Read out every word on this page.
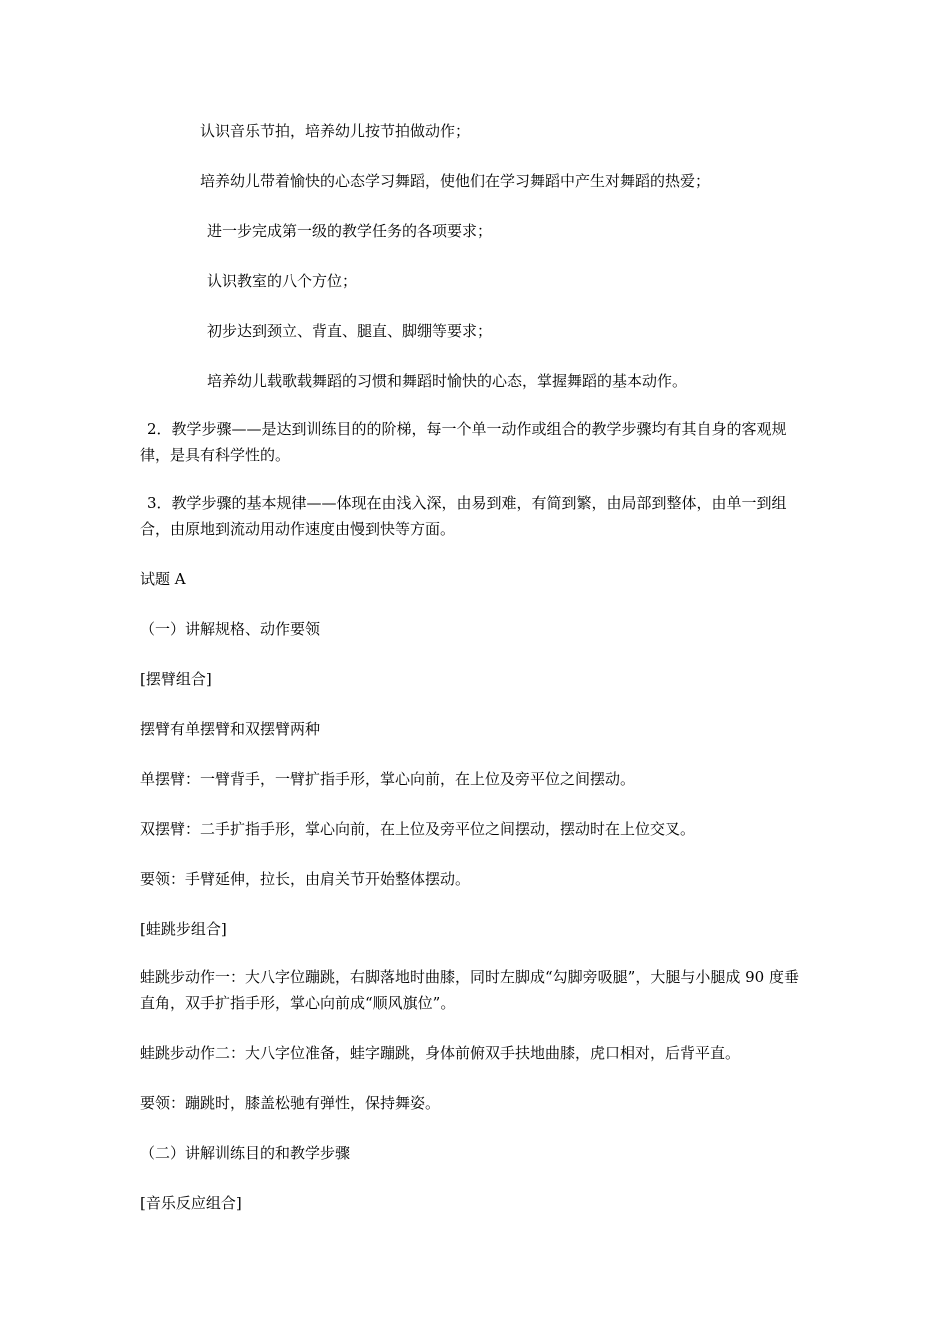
认识音乐节拍，培养幼儿按节拍做动作；

培养幼儿带着愉快的心态学习舞蹈，使他们在学习舞蹈中产生对舞蹈的热爱；

进一步完成第一级的教学任务的各项要求；

认识教室的八个方位；

初步达到颈立、背直、腿直、脚绷等要求；

培养幼儿载歌载舞蹈的习惯和舞蹈时愉快的心态，掌握舞蹈的基本动作。

2．教学步骤——是达到训练目的的阶梯，每一个单一动作或组合的教学步骤均有其自身的客观规律，是具有科学性的。

3．教学步骤的基本规律——体现在由浅入深，由易到难，有简到繁，由局部到整体，由单一到组合，由原地到流动用动作速度由慢到快等方面。

试题 A

（一）讲解规格、动作要领

[摆臂组合]

摆臂有单摆臂和双摆臂两种

单摆臂：一臂背手，一臂扩指手形，掌心向前，在上位及旁平位之间摆动。

双摆臂：二手扩指手形，掌心向前，在上位及旁平位之间摆动，摆动时在上位交叉。

要领：手臂延伸，拉长，由肩关节开始整体摆动。

[蛙跳步组合]

蛙跳步动作一：大八字位蹦跳，右脚落地时曲膝，同时左脚成“勾脚旁吸腿”，大腿与小腿成 90 度垂直角，双手扩指手形，掌心向前成“顺风旗位”。

蛙跳步动作二：大八字位准备，蛙字蹦跳，身体前俯双手扶地曲膝，虎口相对，后背平直。

要领：蹦跳时，膝盖松驰有弹性，保持舞姿。

（二）讲解训练目的和教学步骤

[音乐反应组合]
